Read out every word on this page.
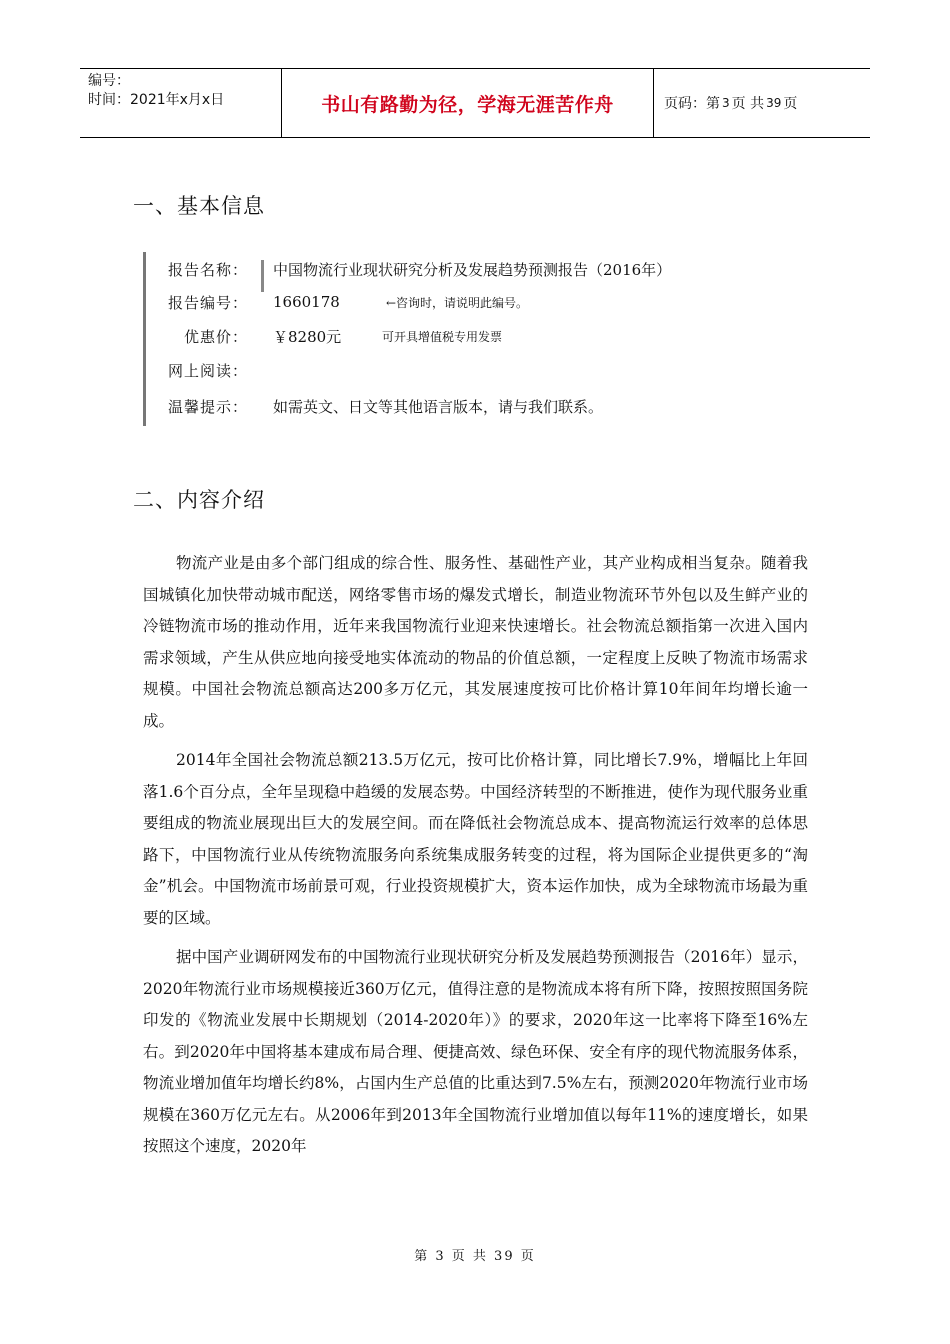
编号：
时间：2021年x月x日	书山有路勤为径，学海无涯苦作舟	页码：第 3 页 共 39 页
一、基本信息
报告名称：	中国物流行业现状研究分析及发展趋势预测报告（2016年）
报告编号：	1660178	←咨询时，请说明此编号。
优惠价：	￥8280元	可开具增值税专用发票
网上阅读：
温馨提示：	如需英文、日文等其他语言版本，请与我们联系。
二、内容介绍

物流产业是由多个部门组成的综合性、服务性、基础性产业，其产业构成相当复杂。随着我国城镇化加快带动城市配送，网络零售市场的爆发式增长，制造业物流环节外包以及生鲜产业的冷链物流市场的推动作用，近年来我国物流行业迎来快速增长。社会物流总额指第一次进入国内需求领域，产生从供应地向接受地实体流动的物品的价值总额，一定程度上反映了物流市场需求规模。中国社会物流总额高达200多万亿元，其发展速度按可比价格计算10年间年均增长逾一成。

2014年全国社会物流总额213.5万亿元，按可比价格计算，同比增长7.9%，增幅比上年回落1.6个百分点，全年呈现稳中趋缓的发展态势。中国经济转型的不断推进，使作为现代服务业重要组成的物流业展现出巨大的发展空间。而在降低社会物流总成本、提高物流运行效率的总体思路下，中国物流行业从传统物流服务向系统集成服务转变的过程，将为国际企业提供更多的“淘金”机会。中国物流市场前景可观，行业投资规模扩大，资本运作加快，成为全球物流市场最为重要的区域。

据中国产业调研网发布的中国物流行业现状研究分析及发展趋势预测报告（2016年）显示，2020年物流行业市场规模接近360万亿元，值得注意的是物流成本将有所下降，按照按照国务院印发的《物流业发展中长期规划（2014-2020年）》的要求，2020年这一比率将下降至16%左右。到2020年中国将基本建成布局合理、便捷高效、绿色环保、安全有序的现代物流服务体系，物流业增加值年均增长约8%，占国内生产总值的比重达到7.5%左右，预测2020年物流行业市场规模在360万亿元左右。从2006年到2013年全国物流行业增加值以每年11%的速度增长，如果按照这个速度，2020年

第 3 页 共 39 页
